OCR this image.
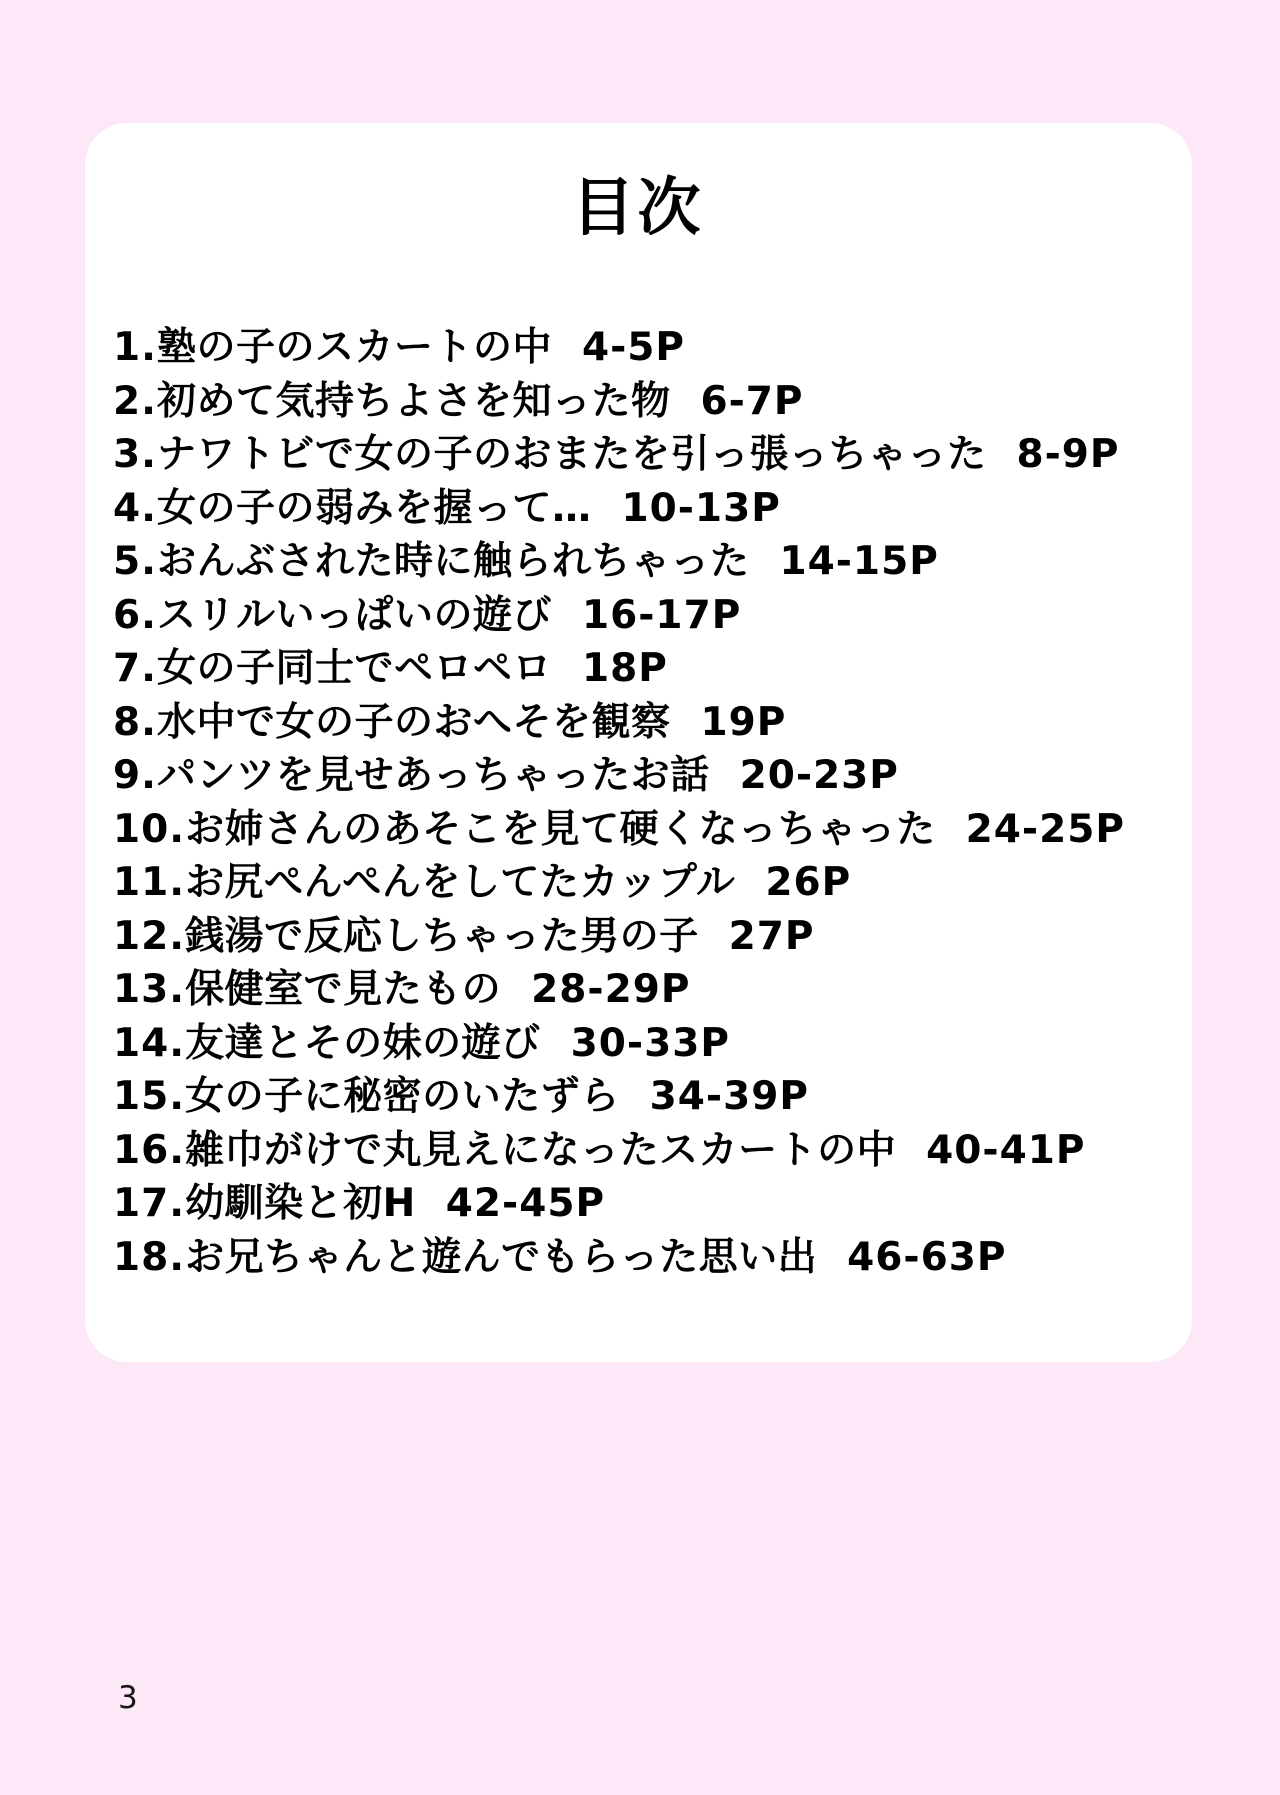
目次
1.塾の子のスカートの中 4-5P
2.初めて気持ちよさを知った物 6-7P
3.ナワトビで女の子のおまたを引っ張っちゃった 8-9P
4.女の子の弱みを握って… 10-13P
5.おんぶされた時に触られちゃった 14-15P
6.スリルいっぱいの遊び 16-17P
7.女の子同士でペロペロ 18P
8.水中で女の子のおへそを観察 19P
9.パンツを見せあっちゃったお話 20-23P
10.お姉さんのあそこを見て硬くなっちゃった 24-25P
11.お尻ぺんぺんをしてたカップル 26P
12.銭湯で反応しちゃった男の子 27P
13.保健室で見たもの 28-29P
14.友達とその妹の遊び 30-33P
15.女の子に秘密のいたずら 34-39P
16.雑巾がけで丸見えになったスカートの中 40-41P
17.幼馴染と初H 42-45P
18.お兄ちゃんと遊んでもらった思い出 46-63P
3
